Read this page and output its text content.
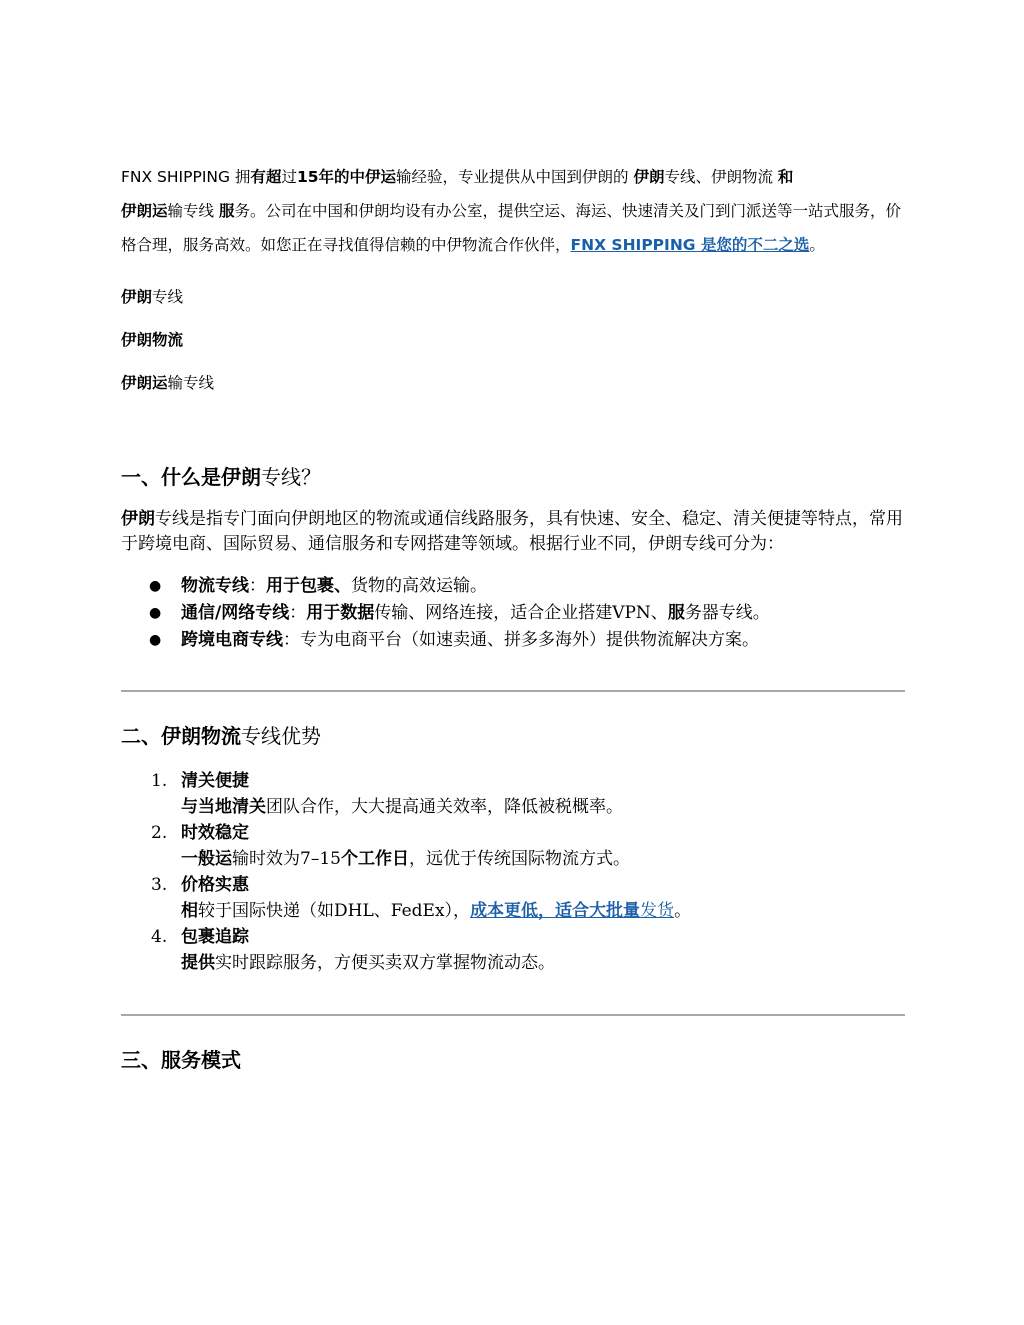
FNX SHIPPING 拥有超过15年的中伊运输经验，专业提供从中国到伊朗的 伊朗专线、伊朗物流 和
伊朗运输专线 服务。公司在中国和伊朗均设有办公室，提供空运、海运、快速清关及门到门派送等一站式服务，价格合理，服务高效。如您正在寻找值得信赖的中伊物流合作伙伴，FNX SHIPPING 是您的不二之选。

伊朗专线

伊朗物流

伊朗运输专线

一、什么是伊朗专线？

伊朗专线是指专门面向伊朗地区的物流或通信线路服务，具有快速、安全、稳定、清关便捷等特点，常用于跨境电商、国际贸易、通信服务和专网搭建等领域。根据行业不同，伊朗专线可分为：

● 物流专线：用于包裹、货物的高效运输。
● 通信/网络专线：用于数据传输、网络连接，适合企业搭建VPN、服务器专线。
● 跨境电商专线：专为电商平台（如速卖通、拼多多海外）提供物流解决方案。
二、伊朗物流专线优势
1. 清关便捷
与当地清关团队合作，大大提高通关效率，降低被税概率。
2. 时效稳定
一般运输时效为7–15个工作日，远优于传统国际物流方式。
3. 价格实惠
相较于国际快递（如DHL、FedEx），成本更低，适合大批量发货。
4. 包裹追踪
提供实时跟踪服务，方便买卖双方掌握物流动态。
三、服务模式
